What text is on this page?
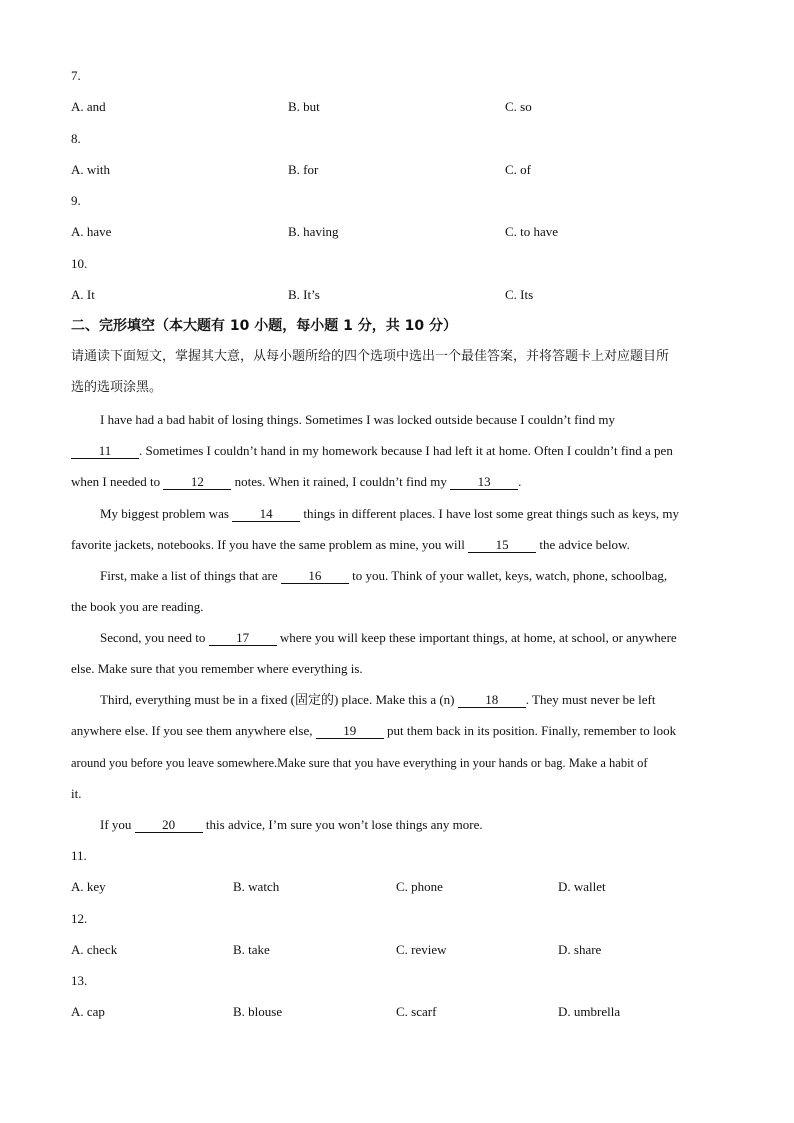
7.
A. and	B. but	C. so
8.
A. with	B. for	C. of
9.
A. have	B. having	C. to have
10.
A. It	B. It’s	C. Its
二、完形填空（本大题有 10 小题，每小题 1 分，共 10 分）
请通读下面短文，掌握其大意，从每小题所给的四个选项中选出一个最佳答案，并将答题卡上对应题目所
选的选项涂黑。
I have had a bad habit of losing things. Sometimes I was locked outside because I couldn’t find my
11 . Sometimes I couldn’t hand in my homework because I had left it at home. Often I couldn’t find a pen
when I needed to 12 notes. When it rained, I couldn’t find my 13 .
My biggest problem was 14 things in different places. I have lost some great things such as keys, my
favorite jackets, notebooks. If you have the same problem as mine, you will 15 the advice below.
First, make a list of things that are 16 to you. Think of your wallet, keys, watch, phone, schoolbag,
the book you are reading.
Second, you need to 17 where you will keep these important things, at home, at school, or anywhere
else. Make sure that you remember where everything is.
Third, everything must be in a fixed (固定的) place. Make this a (n) 18 . They must never be left
anywhere else. If you see them anywhere else, 19 put them back in its position. Finally, remember to look
around you before you leave somewhere.Make sure that you have everything in your hands or bag. Make a habit of
it.
If you 20 this advice, I’m sure you won’t lose things any more.
11.
A. key	B. watch	C. phone	D. wallet
12.
A. check	B. take	C. review	D. share
13.
A. cap	B. blouse	C. scarf	D. umbrella
